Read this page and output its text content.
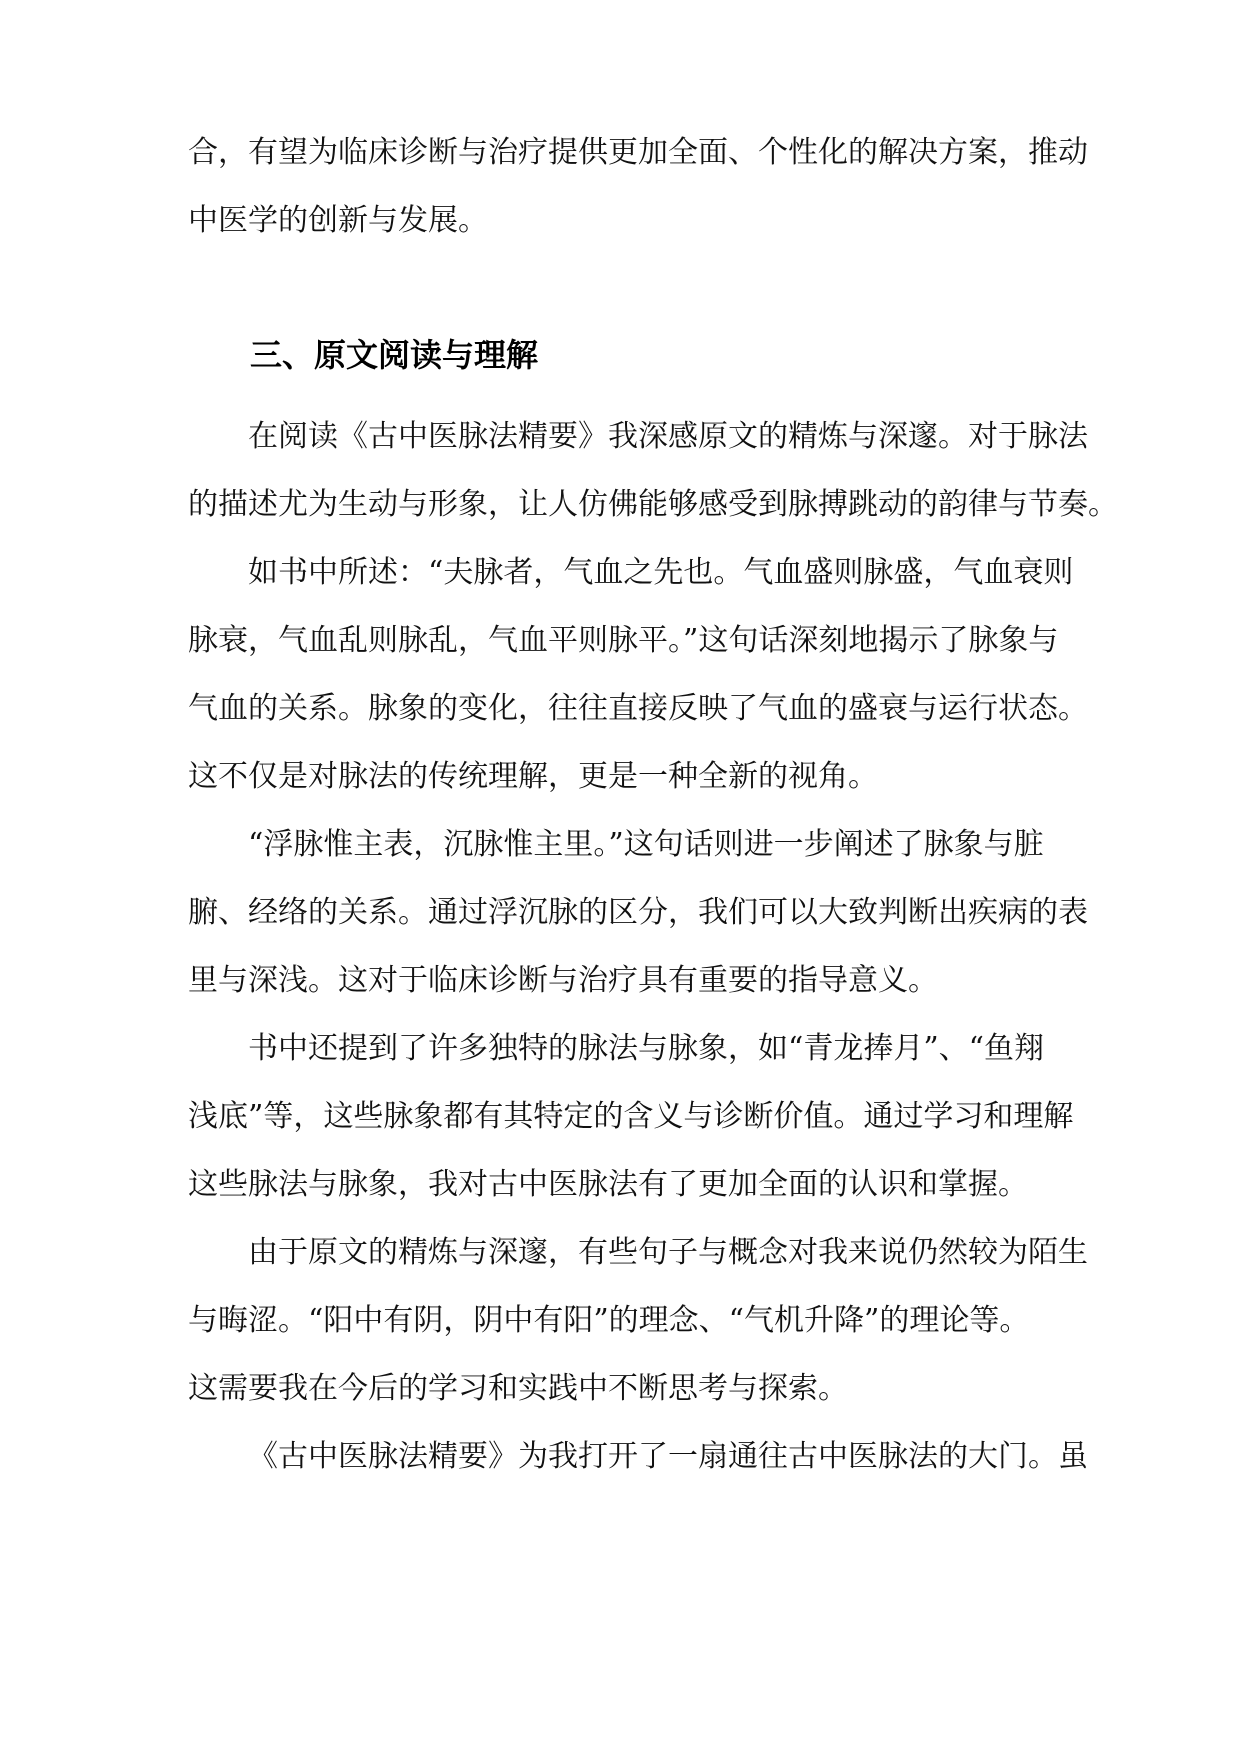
合，有望为临床诊断与治疗提供更加全面、个性化的解决方案，推动
中医学的创新与发展。
三、原文阅读与理解
在阅读《古中医脉法精要》我深感原文的精炼与深邃。对于脉法
的描述尤为生动与形象，让人仿佛能够感受到脉搏跳动的韵律与节奏。
如书中所述：“夫脉者，气血之先也。气血盛则脉盛，气血衰则
脉衰，气血乱则脉乱，气血平则脉平。”这句话深刻地揭示了脉象与
气血的关系。脉象的变化，往往直接反映了气血的盛衰与运行状态。
这不仅是对脉法的传统理解，更是一种全新的视角。
“浮脉惟主表，沉脉惟主里。”这句话则进一步阐述了脉象与脏
腑、经络的关系。通过浮沉脉的区分，我们可以大致判断出疾病的表
里与深浅。这对于临床诊断与治疗具有重要的指导意义。
书中还提到了许多独特的脉法与脉象，如“青龙捧月”、“鱼翔
浅底”等，这些脉象都有其特定的含义与诊断价值。通过学习和理解
这些脉法与脉象，我对古中医脉法有了更加全面的认识和掌握。
由于原文的精炼与深邃，有些句子与概念对我来说仍然较为陌生
与晦涩。“阳中有阴，阴中有阳”的理念、“气机升降”的理论等。
这需要我在今后的学习和实践中不断思考与探索。
《古中医脉法精要》为我打开了一扇通往古中医脉法的大门。虽
